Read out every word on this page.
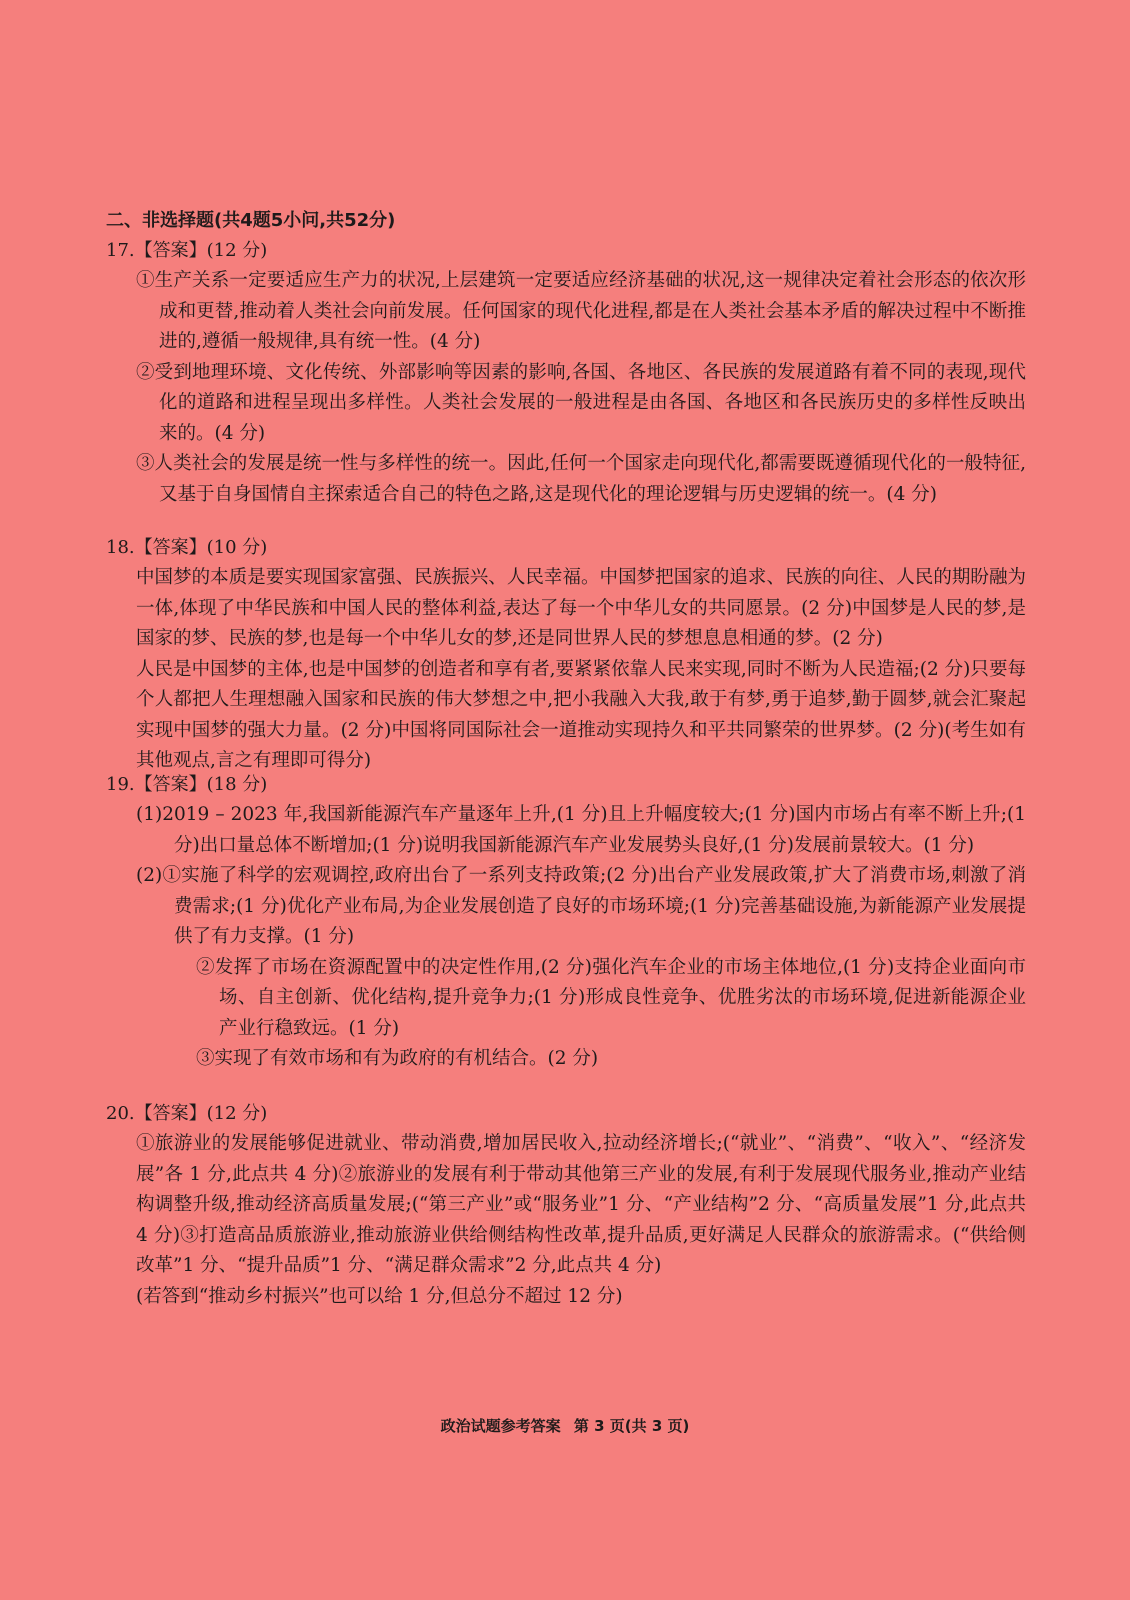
二、非选择题(共4题5小问,共52分)
17.【答案】(12 分)
①生产关系一定要适应生产力的状况,上层建筑一定要适应经济基础的状况,这一规律决定着社会形态的依次形成和更替,推动着人类社会向前发展。任何国家的现代化进程,都是在人类社会基本矛盾的解决过程中不断推进的,遵循一般规律,具有统一性。(4 分)
②受到地理环境、文化传统、外部影响等因素的影响,各国、各地区、各民族的发展道路有着不同的表现,现代化的道路和进程呈现出多样性。人类社会发展的一般进程是由各国、各地区和各民族历史的多样性反映出来的。(4 分)
③人类社会的发展是统一性与多样性的统一。因此,任何一个国家走向现代化,都需要既遵循现代化的一般特征,又基于自身国情自主探索适合自己的特色之路,这是现代化的理论逻辑与历史逻辑的统一。(4 分)
18.【答案】(10 分)
中国梦的本质是要实现国家富强、民族振兴、人民幸福。中国梦把国家的追求、民族的向往、人民的期盼融为一体,体现了中华民族和中国人民的整体利益,表达了每一个中华儿女的共同愿景。(2 分)中国梦是人民的梦,是国家的梦、民族的梦,也是每一个中华儿女的梦,还是同世界人民的梦想息息相通的梦。(2 分)
人民是中国梦的主体,也是中国梦的创造者和享有者,要紧紧依靠人民来实现,同时不断为人民造福;(2 分)只要每个人都把人生理想融入国家和民族的伟大梦想之中,把小我融入大我,敢于有梦,勇于追梦,勤于圆梦,就会汇聚起实现中国梦的强大力量。(2 分)中国将同国际社会一道推动实现持久和平共同繁荣的世界梦。(2 分)(考生如有其他观点,言之有理即可得分)
19.【答案】(18 分)
(1)2019 – 2023 年,我国新能源汽车产量逐年上升,(1 分)且上升幅度较大;(1 分)国内市场占有率不断上升;(1 分)出口量总体不断增加;(1 分)说明我国新能源汽车产业发展势头良好,(1 分)发展前景较大。(1 分)
(2)①实施了科学的宏观调控,政府出台了一系列支持政策;(2 分)出台产业发展政策,扩大了消费市场,刺激了消费需求;(1 分)优化产业布局,为企业发展创造了良好的市场环境;(1 分)完善基础设施,为新能源产业发展提供了有力支撑。(1 分)
②发挥了市场在资源配置中的决定性作用,(2 分)强化汽车企业的市场主体地位,(1 分)支持企业面向市场、自主创新、优化结构,提升竞争力;(1 分)形成良性竞争、优胜劣汰的市场环境,促进新能源企业产业行稳致远。(1 分)
③实现了有效市场和有为政府的有机结合。(2 分)
20.【答案】(12 分)
①旅游业的发展能够促进就业、带动消费,增加居民收入,拉动经济增长;(“就业”、“消费”、“收入”、“经济发展”各 1 分,此点共 4 分)②旅游业的发展有利于带动其他第三产业的发展,有利于发展现代服务业,推动产业结构调整升级,推动经济高质量发展;(“第三产业”或“服务业”1 分、“产业结构”2 分、“高质量发展”1 分,此点共 4 分)③打造高品质旅游业,推动旅游业供给侧结构性改革,提升品质,更好满足人民群众的旅游需求。(“供给侧改革”1 分、“提升品质”1 分、“满足群众需求”2 分,此点共 4 分)
(若答到“推动乡村振兴”也可以给 1 分,但总分不超过 12 分)
政治试题参考答案 第 3 页(共 3 页)
